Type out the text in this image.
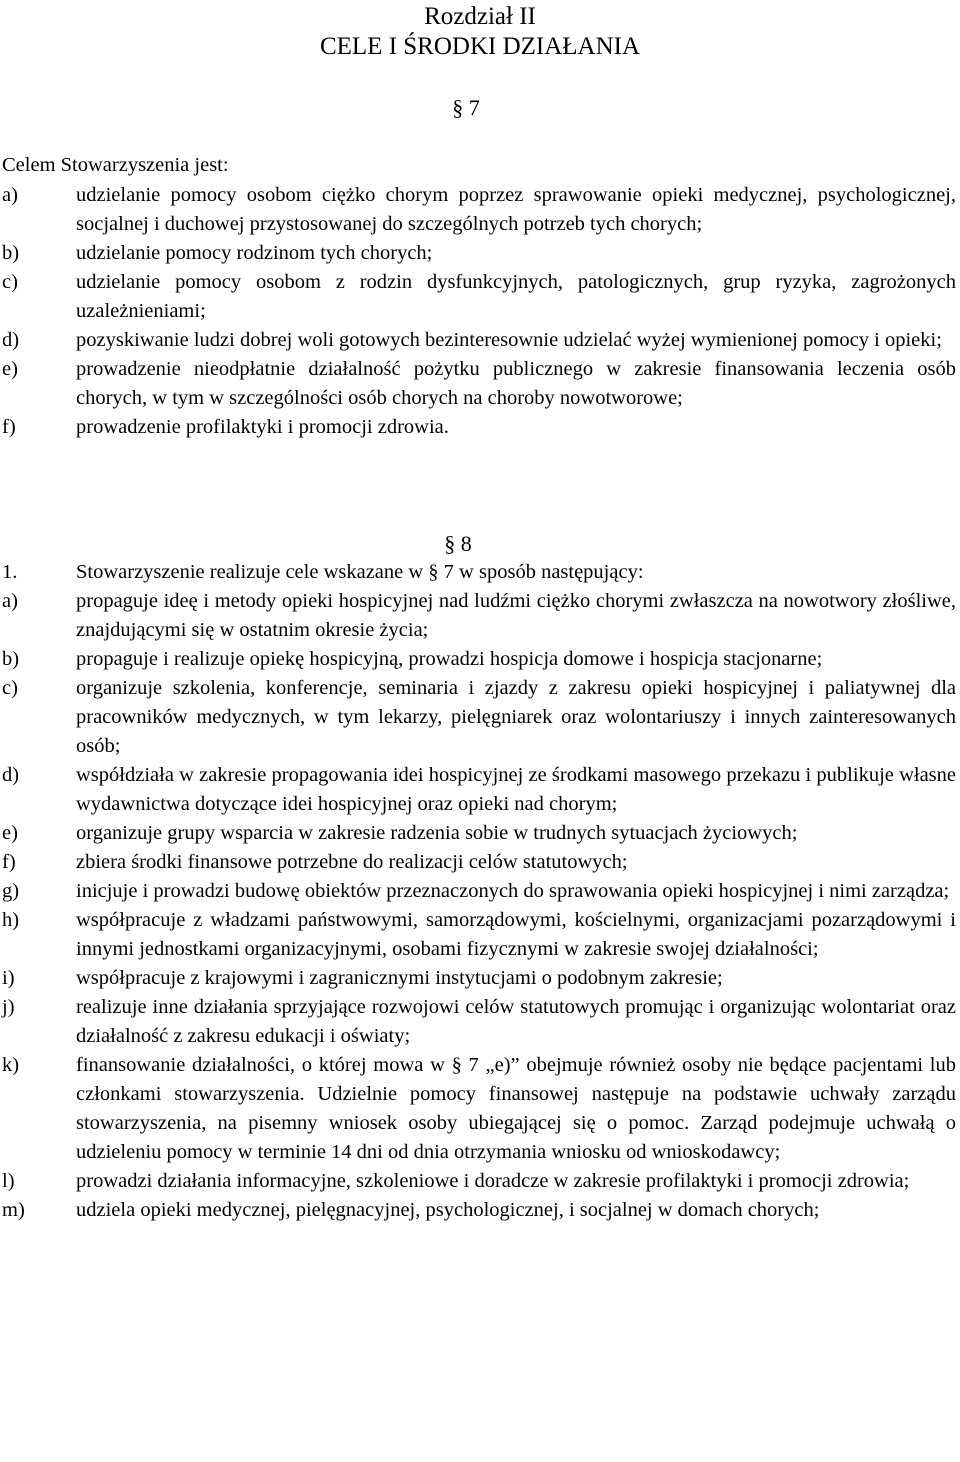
Rozdział II
CELE I ŚRODKI DZIAŁANIA
§ 7
Celem Stowarzyszenia jest:
a)	udzielanie pomocy osobom ciężko chorym poprzez sprawowanie opieki medycznej, psychologicznej, socjalnej i duchowej przystosowanej do szczególnych potrzeb tych chorych;
b)	udzielanie pomocy rodzinom tych chorych;
c)	udzielanie pomocy osobom z rodzin dysfunkcyjnych, patologicznych, grup ryzyka, zagrożonych uzależnieniami;
d)	pozyskiwanie ludzi dobrej woli gotowych bezinteresownie udzielać wyżej wymienionej pomocy i opieki;
e)	prowadzenie nieodpłatnie działalność pożytku publicznego w zakresie finansowania leczenia osób chorych, w tym w szczególności osób chorych na choroby nowotworowe;
f)	prowadzenie profilaktyki i promocji zdrowia.
§ 8
1.	Stowarzyszenie realizuje cele wskazane w § 7 w sposób następujący:
a)	propaguje ideę i metody opieki hospicyjnej nad ludźmi ciężko chorymi zwłaszcza na nowotwory złośliwe, znajdującymi się w ostatnim okresie życia;
b)	propaguje i realizuje opiekę hospicyjną, prowadzi hospicja domowe i hospicja stacjonarne;
c)	organizuje szkolenia, konferencje, seminaria i zjazdy z zakresu opieki hospicyjnej i paliatywnej dla pracowników medycznych, w tym lekarzy, pielęgniarek oraz wolontariuszy i innych zainteresowanych osób;
d)	współdziała w zakresie propagowania idei hospicyjnej ze środkami masowego przekazu i publikuje własne wydawnictwa dotyczące idei hospicyjnej oraz opieki nad chorym;
e)	organizuje grupy wsparcia w zakresie radzenia sobie w trudnych sytuacjach życiowych;
f)	zbiera środki finansowe potrzebne do realizacji celów statutowych;
g)	inicjuje i prowadzi budowę obiektów przeznaczonych do sprawowania opieki hospicyjnej i nimi zarządza;
h)	współpracuje z władzami państwowymi, samorządowymi, kościelnymi, organizacjami pozarządowymi i innymi jednostkami organizacyjnymi, osobami fizycznymi w zakresie swojej działalności;
i)	współpracuje z krajowymi i zagranicznymi instytucjami o podobnym zakresie;
j)	realizuje inne działania sprzyjające rozwojowi celów statutowych promując i organizując wolontariat oraz działalność z zakresu edukacji i oświaty;
k)	finansowanie działalności, o której mowa w § 7 „e)” obejmuje również osoby nie będące pacjentami lub członkami stowarzyszenia. Udzielnie pomocy finansowej następuje na podstawie uchwały zarządu stowarzyszenia, na pisemny wniosek osoby ubiegającej się o pomoc. Zarząd podejmuje uchwałą o udzieleniu pomocy w terminie 14 dni od dnia otrzymania wniosku od wnioskodawcy;
l)	prowadzi działania informacyjne, szkoleniowe i doradcze w zakresie profilaktyki i promocji zdrowia;
m)	udziela opieki medycznej, pielęgnacyjnej, psychologicznej, i socjalnej w domach chorych;
